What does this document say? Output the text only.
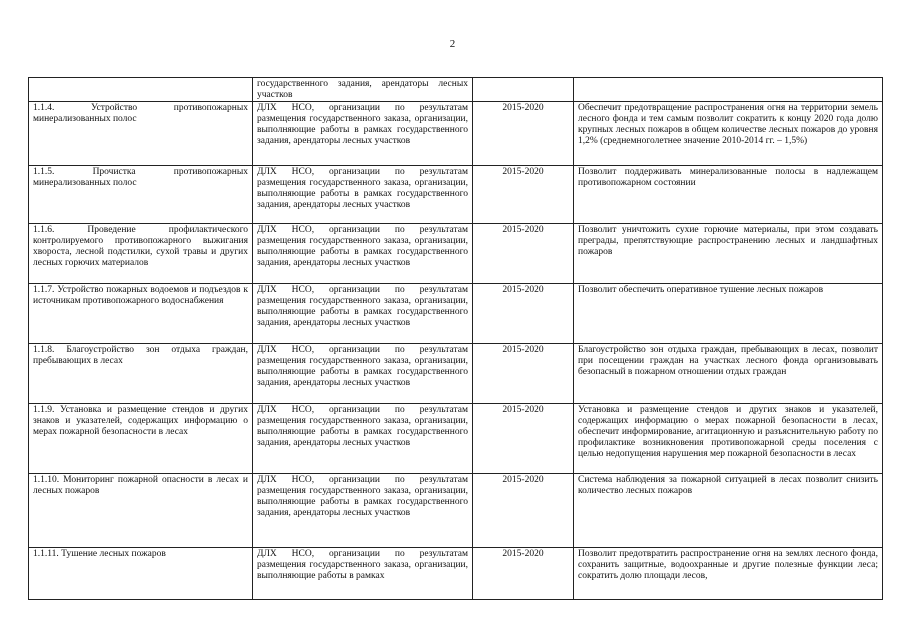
2
	государственного задания, арендаторы лесных участков		
1.1.4. Устройство противопожарных минерализованных полос	ДЛХ НСО, организации по результатам размещения государственного заказа, организации, выполняющие работы в рамках государственного задания, арендаторы лесных участков	2015-2020	Обеспечит предотвращение распространения огня на территории земель лесного фонда и тем самым позволит сократить к концу 2020 года долю крупных лесных пожаров в общем количестве лесных пожаров до уровня 1,2% (среднемноголетнее значение 2010-2014 гг. – 1,5%)
1.1.5. Прочистка противопожарных минерализованных полос	ДЛХ НСО, организации по результатам размещения государственного заказа, организации, выполняющие работы в рамках государственного задания, арендаторы лесных участков	2015-2020	Позволит поддерживать минерализованные полосы в надлежащем противопожарном состоянии
1.1.6. Проведение профилактического контролируемого противопожарного выжигания хвороста, лесной подстилки, сухой травы и других лесных горючих материалов	ДЛХ НСО, организации по результатам размещения государственного заказа, организации, выполняющие работы в рамках государственного задания, арендаторы лесных участков	2015-2020	Позволит уничтожить сухие горючие материалы, при этом создавать преграды, препятствующие распространению лесных и ландшафтных пожаров
1.1.7. Устройство пожарных водоемов и подъездов к источникам противопожарного водоснабжения	ДЛХ НСО, организации по результатам размещения государственного заказа, организации, выполняющие работы в рамках государственного задания, арендаторы лесных участков	2015-2020	Позволит обеспечить оперативное тушение лесных пожаров
1.1.8. Благоустройство зон отдыха граждан, пребывающих в лесах	ДЛХ НСО, организации по результатам размещения государственного заказа, организации, выполняющие работы в рамках государственного задания, арендаторы лесных участков	2015-2020	Благоустройство зон отдыха граждан, пребывающих в лесах, позволит при посещении граждан на участках лесного фонда организовывать безопасный в пожарном отношении отдых граждан
1.1.9. Установка и размещение стендов и других знаков и указателей, содержащих информацию о мерах пожарной безопасности в лесах	ДЛХ НСО, организации по результатам размещения государственного заказа, организации, выполняющие работы в рамках государственного задания, арендаторы лесных участков	2015-2020	Установка и размещение стендов и других знаков и указателей, содержащих информацию о мерах пожарной безопасности в лесах, обеспечит информирование, агитационную и разъяснительную работу по профилактике возникновения противопожарной среды поселения с целью недопущения нарушения мер пожарной безопасности в лесах
1.1.10. Мониторинг пожарной опасности в лесах и лесных пожаров	ДЛХ НСО, организации по результатам размещения государственного заказа, организации, выполняющие работы в рамках государственного задания, арендаторы лесных участков	2015-2020	Система наблюдения за пожарной ситуацией в лесах позволит снизить количество лесных пожаров
1.1.11. Тушение лесных пожаров	ДЛХ НСО, организации по результатам размещения государственного заказа, организации, выполняющие работы в рамках	2015-2020	Позволит предотвратить распространение огня на землях лесного фонда, сохранить защитные, водоохранные и другие полезные функции леса; сократить долю площади лесов,
